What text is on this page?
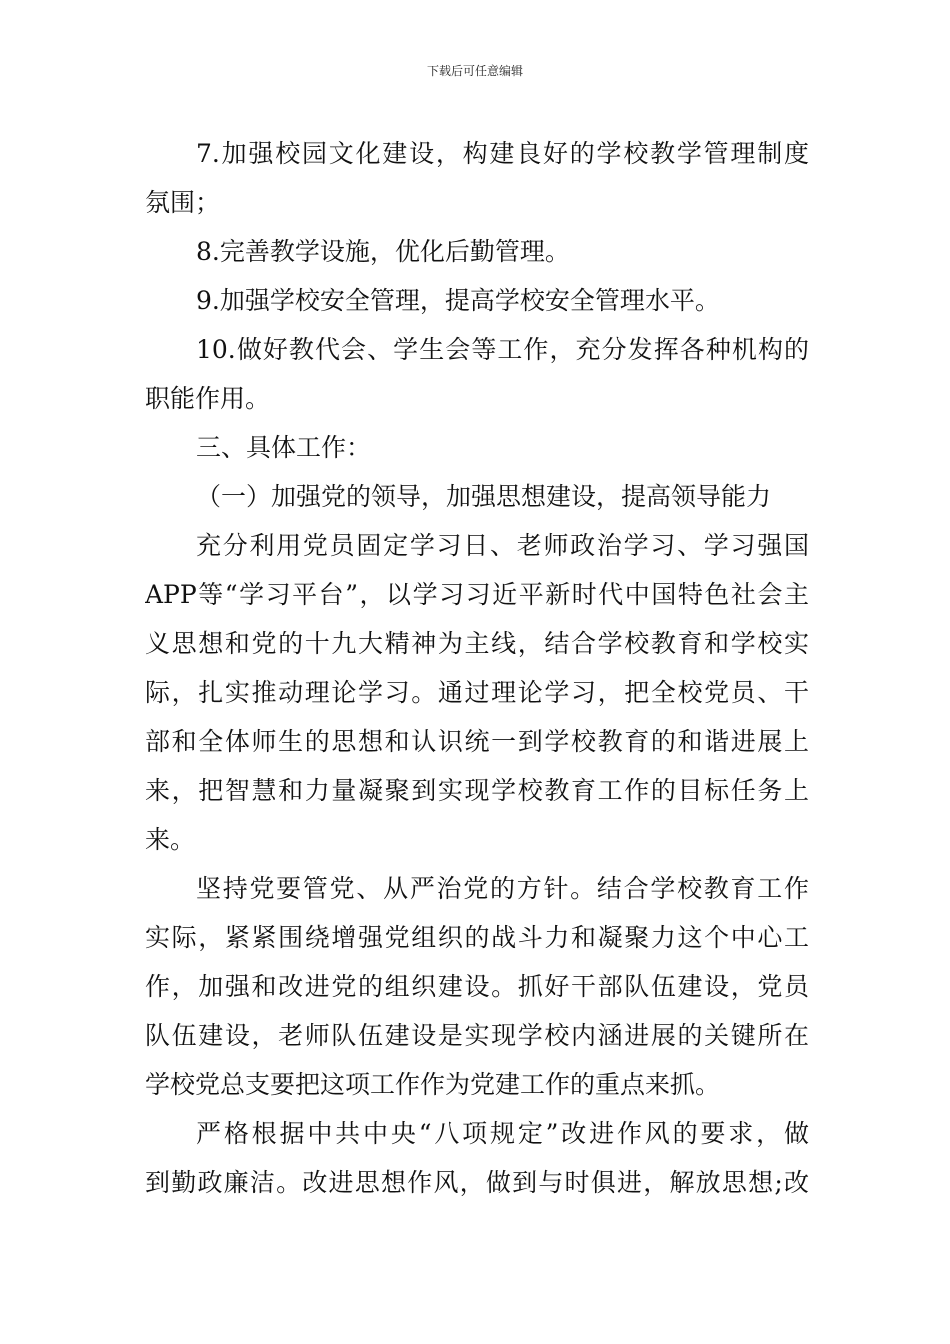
下载后可任意编辑
7.加强校园文化建设，构建良好的学校教学管理制度
氛围；
8.完善教学设施，优化后勤管理。
9.加强学校安全管理，提高学校安全管理水平。
10.做好教代会、学生会等工作，充分发挥各种机构的
职能作用。
三、具体工作：
（一）加强党的领导，加强思想建设，提高领导能力
充分利用党员固定学习日、老师政治学习、学习强国
APP等“学习平台”，以学习习近平新时代中国特色社会主
义思想和党的十九大精神为主线，结合学校教育和学校实
际，扎实推动理论学习。通过理论学习，把全校党员、干
部和全体师生的思想和认识统一到学校教育的和谐进展上
来，把智慧和力量凝聚到实现学校教育工作的目标任务上
来。
坚持党要管党、从严治党的方针。结合学校教育工作
实际，紧紧围绕增强党组织的战斗力和凝聚力这个中心工
作，加强和改进党的组织建设。抓好干部队伍建设，党员
队伍建设，老师队伍建设是实现学校内涵进展的关键所在
学校党总支要把这项工作作为党建工作的重点来抓。
严格根据中共中央“八项规定”改进作风的要求，做
到勤政廉洁。改进思想作风，做到与时俱进，解放思想;改
